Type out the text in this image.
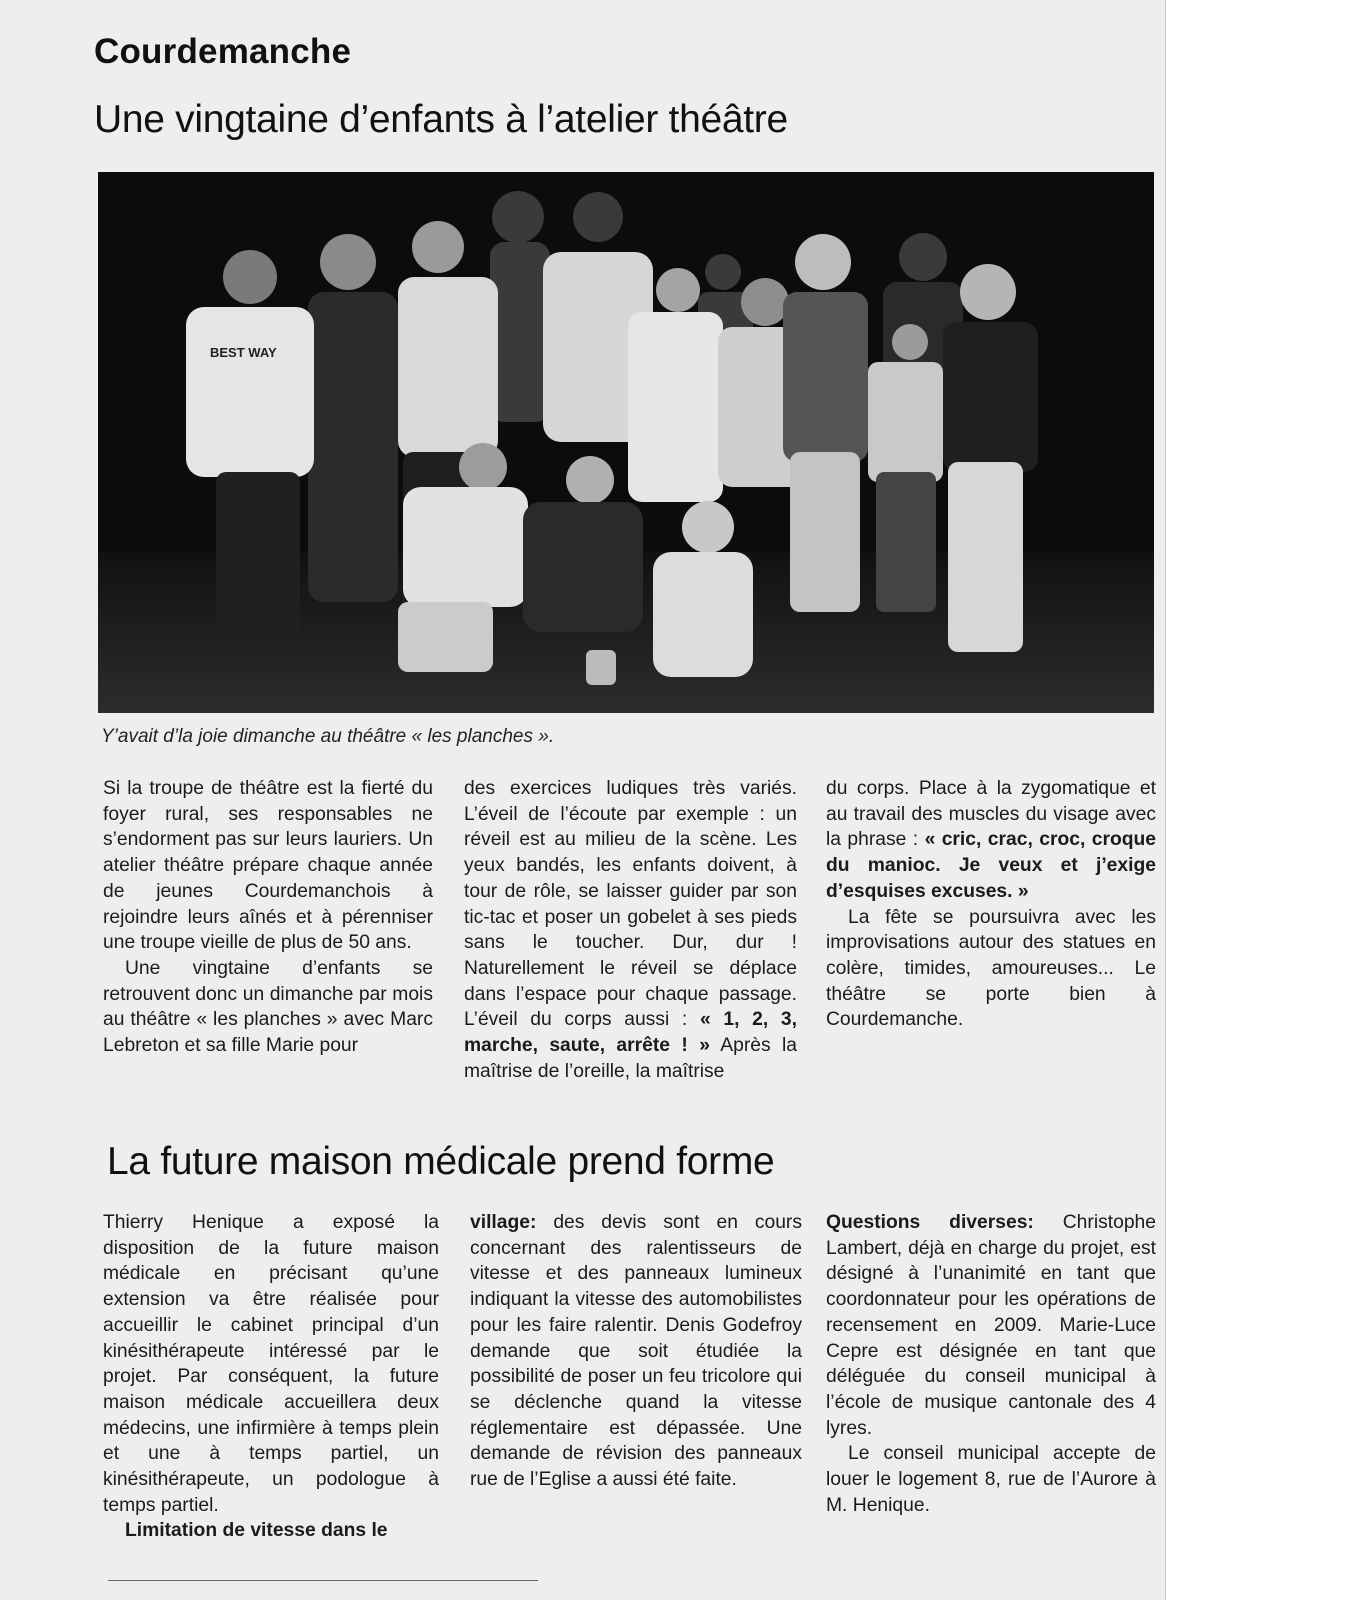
Courdemanche
Une vingtaine d’enfants à l’atelier théâtre
BEST WAY
Y’avait d’la joie dimanche au théâtre « les planches ».

Si la troupe de théâtre est la fierté du foyer rural, ses responsables ne s’endorment pas sur leurs lauriers. Un atelier théâtre prépare chaque année de jeunes Courdemanchois à rejoindre leurs aînés et à pérenniser une troupe vieille de plus de 50 ans.

Une vingtaine d’enfants se retrouvent donc un dimanche par mois au théâtre « les planches » avec Marc Lebreton et sa fille Marie pour

des exercices ludiques très variés. L’éveil de l’écoute par exemple : un réveil est au milieu de la scène. Les yeux bandés, les enfants doivent, à tour de rôle, se laisser guider par son tic-tac et poser un gobelet à ses pieds sans le toucher. Dur, dur ! Naturellement le réveil se déplace dans l’espace pour chaque passage. L’éveil du corps aussi : « 1, 2, 3, marche, saute, arrête ! » Après la maîtrise de l’oreille, la maîtrise

du corps. Place à la zygomatique et au travail des muscles du visage avec la phrase : « cric, crac, croc, croque du manioc. Je veux et j’exige d’esquises excuses. »

La fête se poursuivra avec les improvisations autour des statues en colère, timides, amoureuses... Le théâtre se porte bien à Courdemanche.

La future maison médicale prend forme

Thierry Henique a exposé la disposition de la future maison médicale en précisant qu’une extension va être réalisée pour accueillir le cabinet principal d’un kinésithérapeute intéressé par le projet. Par conséquent, la future maison médicale accueillera deux médecins, une infirmière à temps plein et une à temps partiel, un kinésithérapeute, un podologue à temps partiel.

Limitation de vitesse dans le

village: des devis sont en cours concernant des ralentisseurs de vitesse et des panneaux lumineux indiquant la vitesse des automobilistes pour les faire ralentir. Denis Godefroy demande que soit étudiée la possibilité de poser un feu tricolore qui se déclenche quand la vitesse réglementaire est dépassée. Une demande de révision des panneaux rue de l’Eglise a aussi été faite.

Questions diverses: Christophe Lambert, déjà en charge du projet, est désigné à l’unanimité en tant que coordonnateur pour les opérations de recensement en 2009. Marie-Luce Cepre est désignée en tant que déléguée du conseil municipal à l’école de musique cantonale des 4 lyres.

Le conseil municipal accepte de louer le logement 8, rue de l’Aurore à M. Henique.
